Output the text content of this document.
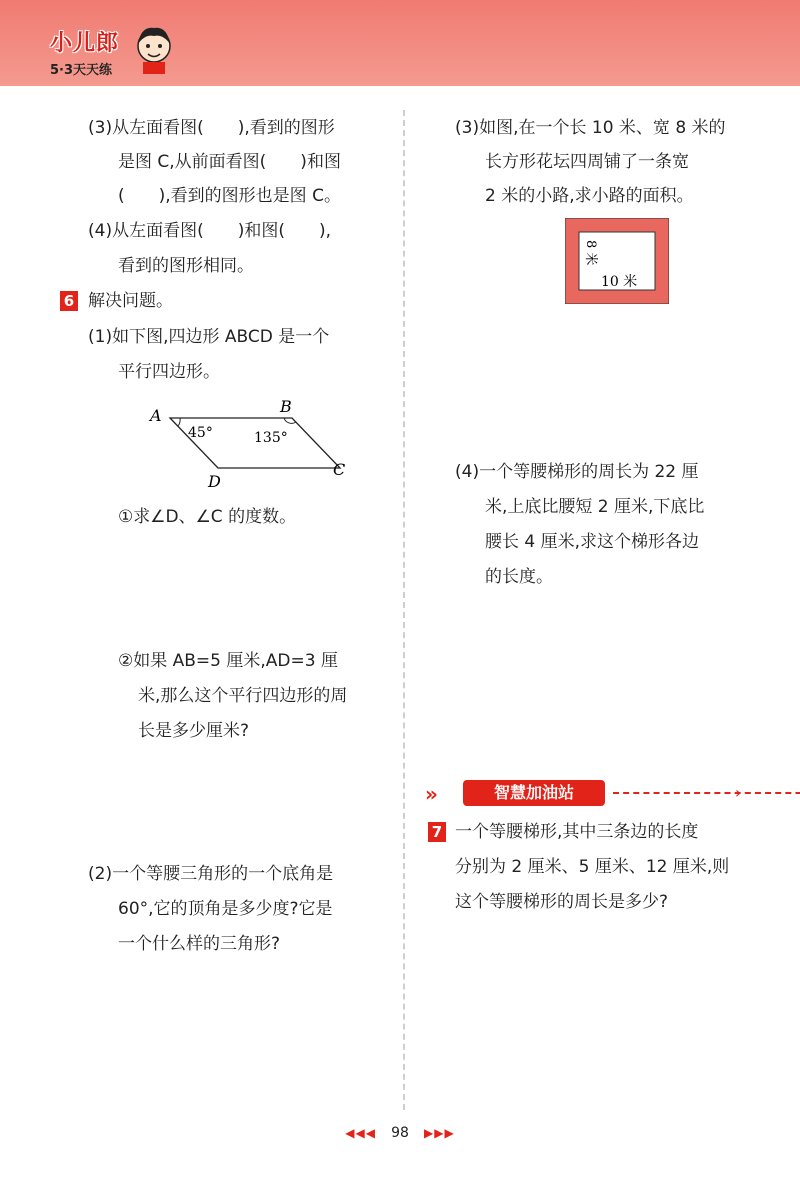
小儿郎
5·3天天练
(3)从左面看图(　　),看到的图形
是图 C,从前面看图(　　)和图
(　　),看到的图形也是图 C。
(4)从左面看图(　　)和图(　　),
看到的图形相同。
6 解决问题。
(1)如下图,四边形 ABCD 是一个
平行四边形。
A	B
C
D
45°	135°
①求∠D、∠C 的度数。
②如果 AB=5 厘米,AD=3 厘
米,那么这个平行四边形的周
长是多少厘米?
(2)一个等腰三角形的一个底角是
60°,它的顶角是多少度?它是
一个什么样的三角形?
(3)如图,在一个长 10 米、宽 8 米的
长方形花坛四周铺了一条宽
2 米的小路,求小路的面积。
10 米
8 米
(4)一个等腰梯形的周长为 22 厘
米,上底比腰短 2 厘米,下底比
腰长 4 厘米,求这个梯形各边
的长度。
»	智慧加油站	›
7 一个等腰梯形,其中三条边的长度
分别为 2 厘米、5 厘米、12 厘米,则
这个等腰梯形的周长是多少?
◀◀◀ 98 ▶▶▶
